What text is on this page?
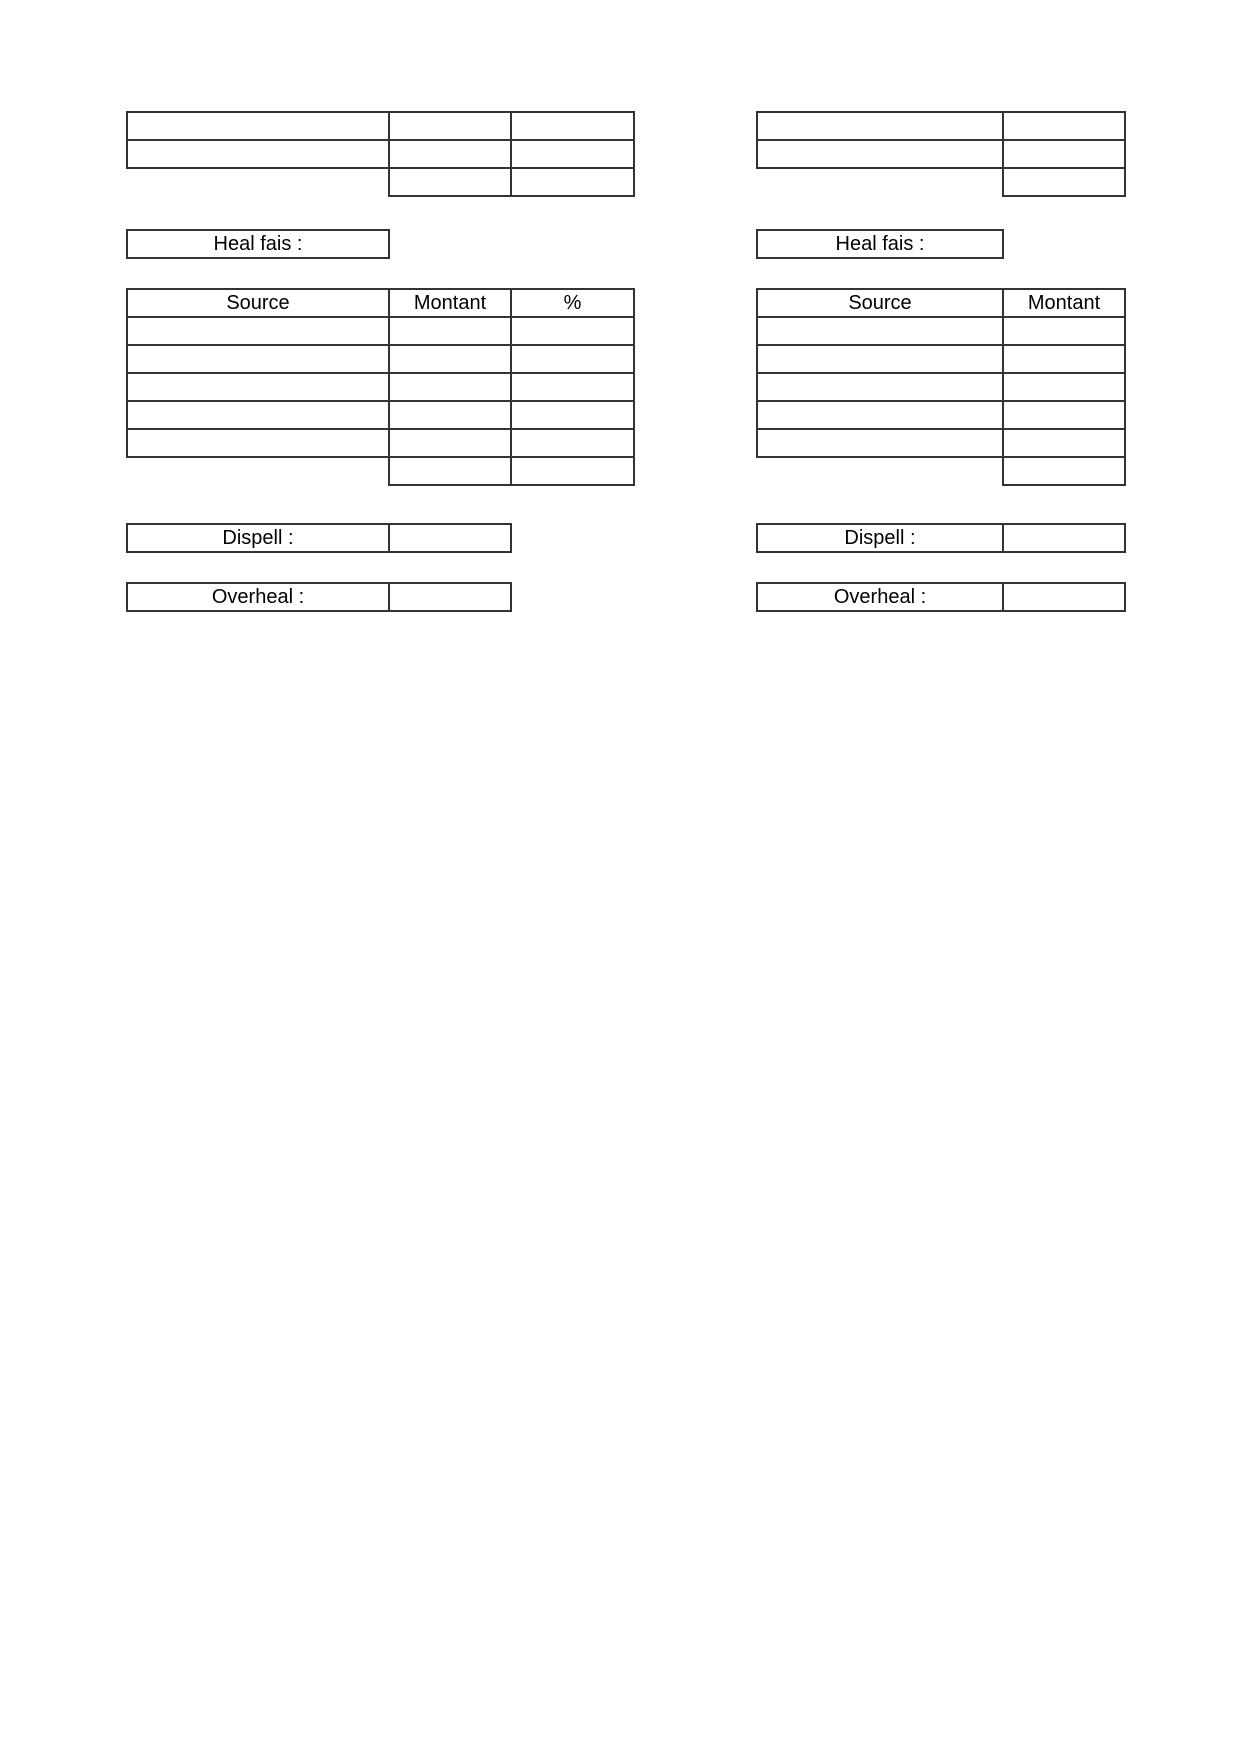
Heal fais :
Source	Montant	%

Dispell :	
Overheal :	

Heal fais :
Source	Montant

Dispell :	
Overheal :	
